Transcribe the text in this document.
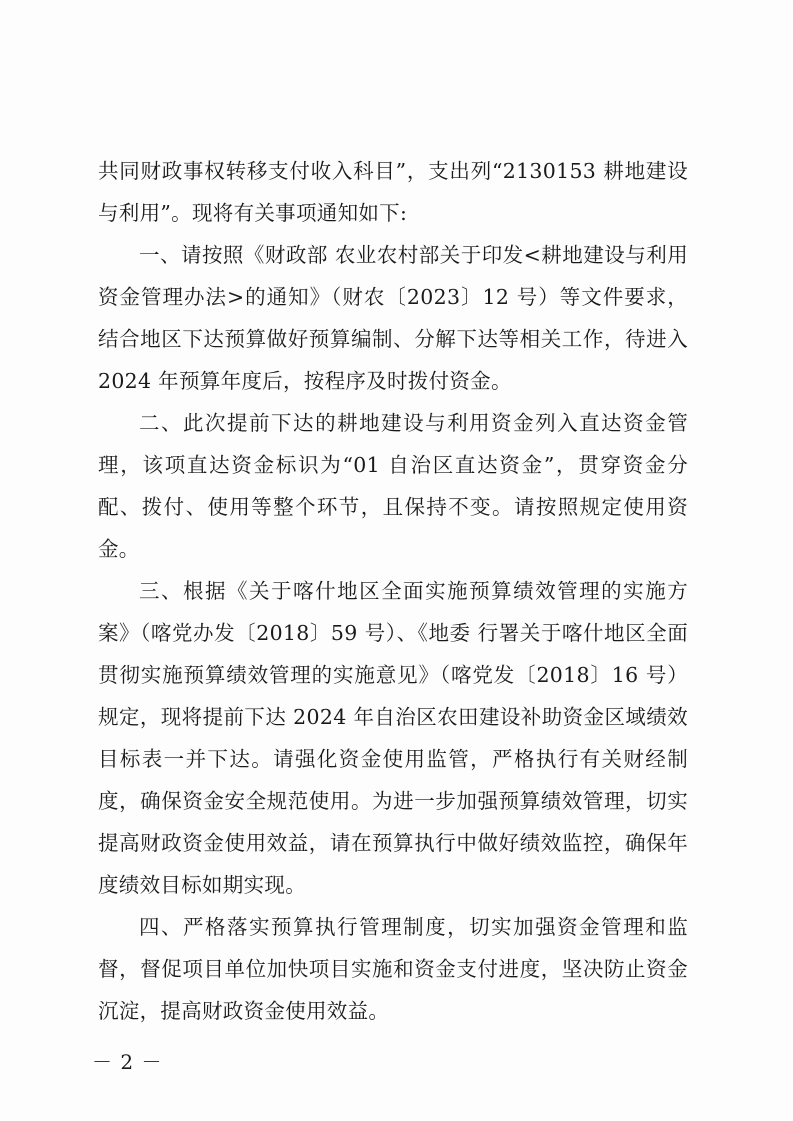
共同财政事权转移支付收入科目”，支出列“2130153 耕地建设与利用”。现将有关事项通知如下:

一、请按照《财政部 农业农村部关于印发<耕地建设与利用资金管理办法>的通知》（财农〔2023〕12 号）等文件要求，结合地区下达预算做好预算编制、分解下达等相关工作，待进入 2024 年预算年度后，按程序及时拨付资金。

二、此次提前下达的耕地建设与利用资金列入直达资金管理，该项直达资金标识为“01 自治区直达资金”，贯穿资金分配、拨付、使用等整个环节，且保持不变。请按照规定使用资金。

三、根据《关于喀什地区全面实施预算绩效管理的实施方案》（喀党办发〔2018〕59 号）、《地委 行署关于喀什地区全面贯彻实施预算绩效管理的实施意见》（喀党发〔2018〕16 号）规定，现将提前下达 2024 年自治区农田建设补助资金区域绩效目标表一并下达。请强化资金使用监管，严格执行有关财经制度，确保资金安全规范使用。为进一步加强预算绩效管理，切实提高财政资金使用效益，请在预算执行中做好绩效监控，确保年度绩效目标如期实现。

四、严格落实预算执行管理制度，切实加强资金管理和监督，督促项目单位加快项目实施和资金支付进度，坚决防止资金沉淀，提高财政资金使用效益。

－ 2 －
